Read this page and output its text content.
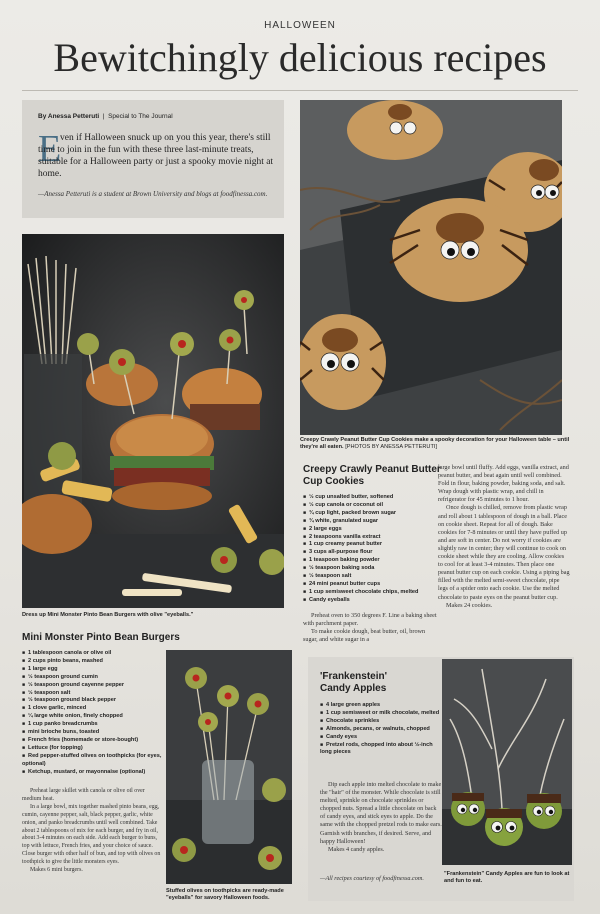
HALLOWEEN
Bewitchingly delicious recipes
By Anessa Petteruti  |  Special to The Journal
E
ven if Halloween snuck up on you this year, there's still time to join in the fun with these three last-minute treats, suitable for a Halloween party or just a spooky movie night at home.
—Anessa Petteruti is a student at Brown University and blogs at foodfinessa.com.
Dress up Mini Monster Pinto Bean Burgers with olive "eyeballs."
Creepy Crawly Peanut Butter Cup Cookies make a spooky decoration for your Halloween table – until they're all eaten. [PHOTOS BY ANESSA PETTERUTI]
Creepy Crawly Peanut Butter Cup Cookies
■ ½ cup unsalted butter, softened
■ ½ cup canola or coconut oil
■ ¾ cup light, packed brown sugar
■ ¾ white, granulated sugar
■ 2 large eggs
■ 2 teaspoons vanilla extract
■ 1 cup creamy peanut butter
■ 3 cups all-purpose flour
■ 1 teaspoon baking powder
■ ½ teaspoon baking soda
■ ½ teaspoon salt
■ 24 mini peanut butter cups
■ 1 cup semisweet chocolate chips, melted
■ Candy eyeballs

Preheat oven to 350 degrees F. Line a baking sheet with parchment paper.

To make cookie dough, beat butter, oil, brown sugar, and white sugar in a

large bowl until fluffy. Add eggs, vanilla extract, and peanut butter, and beat again until well combined. Fold in flour, baking powder, baking soda, and salt. Wrap dough with plastic wrap, and chill in refrigerator for 45 minutes to 1 hour.

Once dough is chilled, remove from plastic wrap and roll about 1 tablespoon of dough in a ball. Place on cookie sheet. Repeat for all of dough. Bake cookies for 7-8 minutes or until they have puffed up and are soft in center. Do not worry if cookies are slightly raw in center; they will continue to cook on cookie sheet while they are cooling. Allow cookies to cool for at least 3-4 minutes. Then place one peanut butter cup on each cookie. Using a piping bag filled with the melted semi-sweet chocolate, pipe legs of a spider onto each cookie. Use the melted chocolate to paste eyes on the peanut butter cup.

Makes 24 cookies.

Mini Monster Pinto Bean Burgers
■ 1 tablespoon canola or olive oil
■ 2 cups pinto beans, mashed
■ 1 large egg
■ ½ teaspoon ground cumin
■ ½ teaspoon ground cayenne pepper
■ ½ teaspoon salt
■ ½ teaspoon ground black pepper
■ 1 clove garlic, minced
■ ¼ large white onion, finely chopped
■ 1 cup panko breadcrumbs
■ mini brioche buns, toasted
■ French fries (homemade or store-bought)
■ Lettuce (for topping)
■ Red pepper-stuffed olives on toothpicks (for eyes, optional)
■ Ketchup, mustard, or mayonnaise (optional)

Preheat large skillet with canola or olive oil over medium heat.

In a large bowl, mix together mashed pinto beans, egg, cumin, cayenne pepper, salt, black pepper, garlic, white onion, and panko breadcrumbs until well combined. Take about 2 tablespoons of mix for each burger, and fry in oil, about 3-4 minutes on each side. Add each burger to buns, top with lettuce, French fries, and your choice of sauce. Close burger with other half of bun, and top with olives on toothpick to give the little monsters eyes.

Makes 6 mini burgers.

Stuffed olives on toothpicks are ready-made "eyeballs" for savory Halloween foods.
'Frankenstein'
Candy Apples
■ 4 large green apples
■ 1 cup semisweet or milk chocolate, melted
■ Chocolate sprinkles
■ Almonds, pecans, or walnuts, chopped
■ Candy eyes
■ Pretzel rods, chopped into about ½-inch long pieces

Dip each apple into melted chocolate to make the "hair" of the monster. While chocolate is still melted, sprinkle on chocolate sprinkles or chopped nuts. Spread a little chocolate on back of candy eyes, and stick eyes to apple. Do the same with the chopped pretzel rods to make ears. Garnish with branches, if desired. Serve, and happy Halloween!

Makes 4 candy apples.

—All recipes courtesy of foodfinessa.com.
"Frankenstein" Candy Apples are fun to look at and fun to eat.
